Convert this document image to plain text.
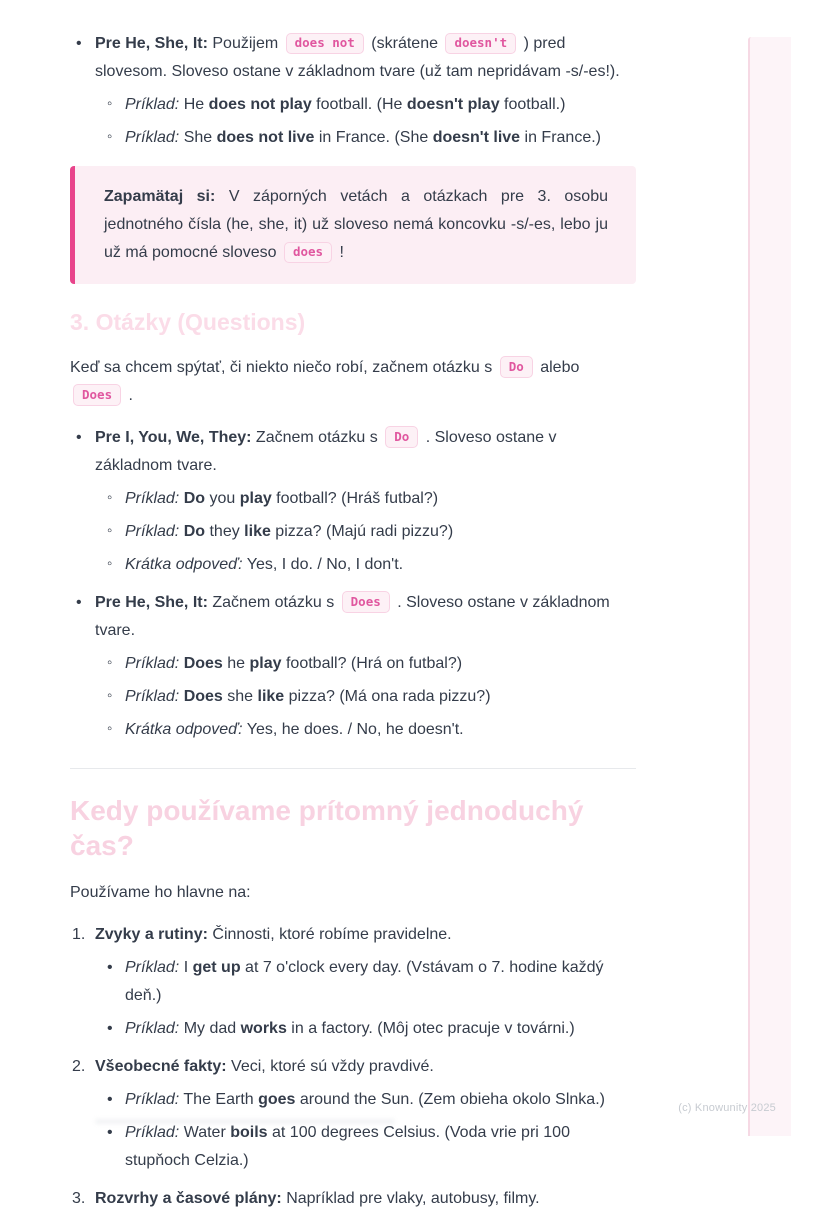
• Pre He, She, It: Použijem does not (skrátene doesn't ) pred slovesom. Sloveso ostane v základnom tvare (už tam nepridávam -s/-es!).
◦ Príklad: He does not play football. (He doesn't play football.)
◦ Príklad: She does not live in France. (She doesn't live in France.)
Zapamätaj si: V záporných vetách a otázkach pre 3. osobu jednotného čísla (he, she, it) už sloveso nemá koncovku -s/-es, lebo ju už má pomocné sloveso does !
3. Otázky (Questions)

Keď sa chcem spýtať, či niekto niečo robí, začnem otázku s Do alebo Does .

• Pre I, You, We, They: Začnem otázku s Do . Sloveso ostane v základnom tvare.
◦ Príklad: Do you play football? (Hráš futbal?)
◦ Príklad: Do they like pizza? (Majú radi pizzu?)
◦ Krátka odpoveď: Yes, I do. / No, I don't.
• Pre He, She, It: Začnem otázku s Does . Sloveso ostane v základnom tvare.
◦ Príklad: Does he play football? (Hrá on futbal?)
◦ Príklad: Does she like pizza? (Má ona rada pizzu?)
◦ Krátka odpoveď: Yes, he does. / No, he doesn't.
Kedy používame prítomný jednoduchý čas?

Používame ho hlavne na:

1. Zvyky a rutiny: Činnosti, ktoré robíme pravidelne.
• Príklad: I get up at 7 o'clock every day. (Vstávam o 7. hodine každý deň.)
• Príklad: My dad works in a factory. (Môj otec pracuje v továrni.)
2. Všeobecné fakty: Veci, ktoré sú vždy pravdivé.
• Príklad: The Earth goes around the Sun. (Zem obieha okolo Slnka.)
• Príklad: Water boils at 100 degrees Celsius. (Voda vrie pri 100 stupňoch Celzia.)
3. Rozvrhy a časové plány: Napríklad pre vlaky, autobusy, filmy.
(c) Knowunity 2025
